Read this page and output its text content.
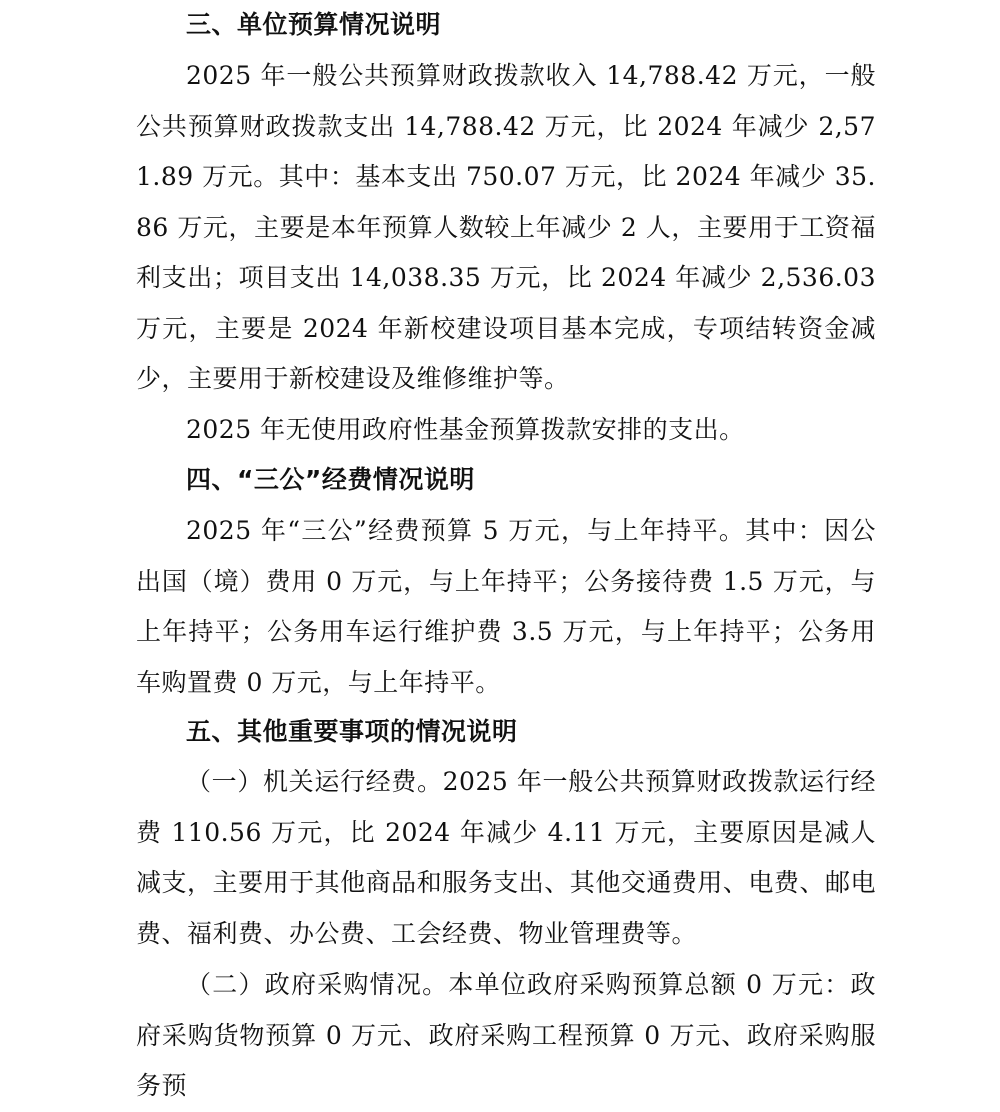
三、单位预算情况说明

2025 年一般公共预算财政拨款收入 14,788.42 万元，一般公共预算财政拨款支出 14,788.42 万元，比 2024 年减少 2,571.89 万元。其中：基本支出 750.07 万元，比 2024 年减少 35.86 万元，主要是本年预算人数较上年减少 2 人，主要用于工资福利支出；项目支出 14,038.35 万元，比 2024 年减少 2,536.03 万元，主要是 2024 年新校建设项目基本完成，专项结转资金减少，主要用于新校建设及维修维护等。

2025 年无使用政府性基金预算拨款安排的支出。

四、“三公”经费情况说明

2025 年“三公”经费预算 5 万元，与上年持平。其中：因公出国（境）费用 0 万元，与上年持平；公务接待费 1.5 万元，与上年持平；公务用车运行维护费 3.5 万元，与上年持平；公务用车购置费 0 万元，与上年持平。

五、其他重要事项的情况说明

（一）机关运行经费。2025 年一般公共预算财政拨款运行经费 110.56 万元，比 2024 年减少 4.11 万元，主要原因是减人减支，主要用于其他商品和服务支出、其他交通费用、电费、邮电费、福利费、办公费、工会经费、物业管理费等。

（二）政府采购情况。本单位政府采购预算总额 0 万元：政府采购货物预算 0 万元、政府采购工程预算 0 万元、政府采购服务预
